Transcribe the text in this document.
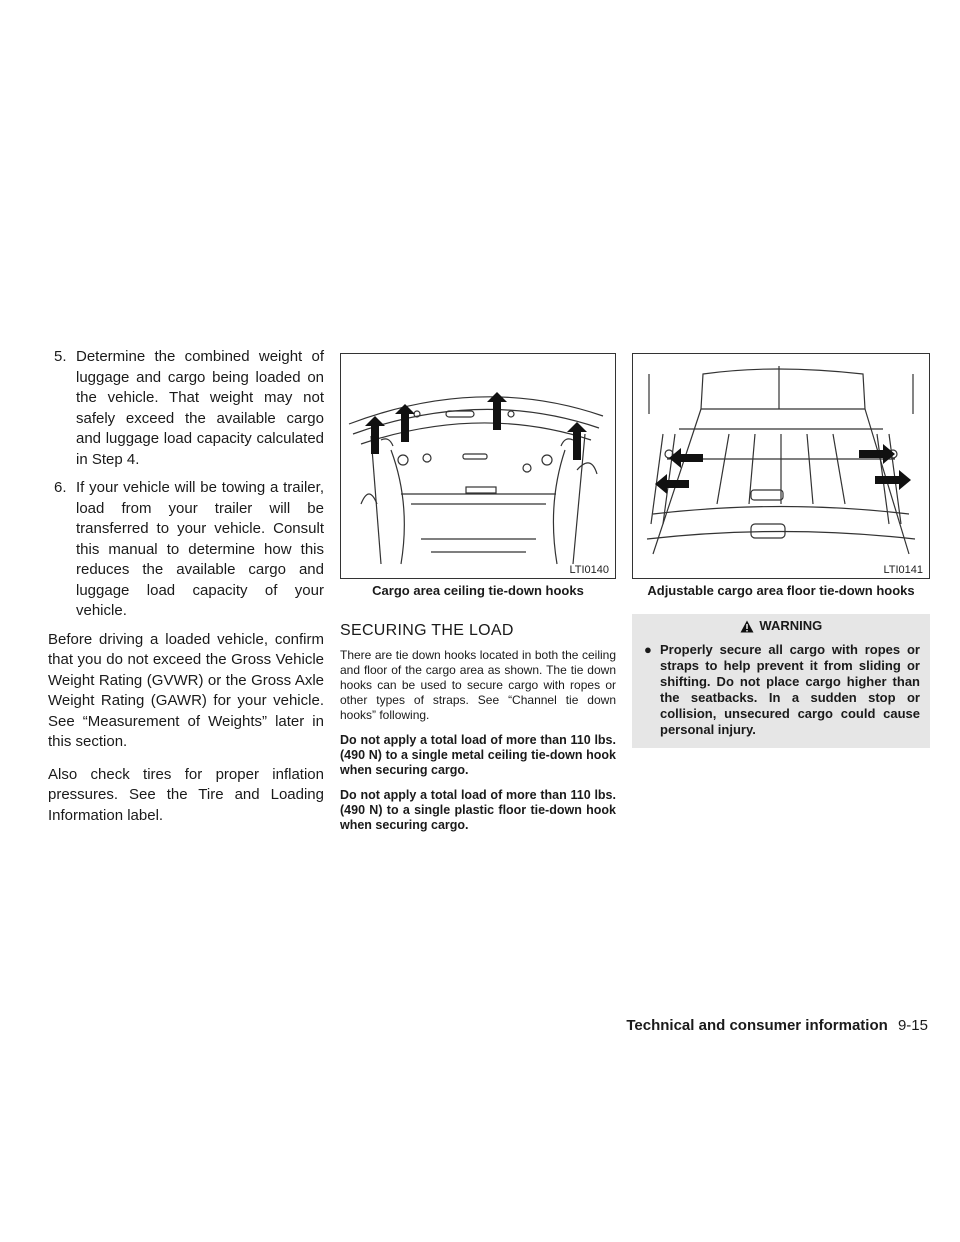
5. Determine the combined weight of luggage and cargo being loaded on the vehicle. That weight may not safely exceed the available cargo and luggage load capacity calculated in Step 4.
6. If your vehicle will be towing a trailer, load from your trailer will be transferred to your vehicle. Consult this manual to determine how this reduces the available cargo and luggage load capacity of your vehicle.

Before driving a loaded vehicle, confirm that you do not exceed the Gross Vehicle Weight Rating (GVWR) or the Gross Axle Weight Rating (GAWR) for your vehicle. See “Measurement of Weights” later in this section.

Also check tires for proper inflation pressures. See the Tire and Loading Information label.

LTI0140
Cargo area ceiling tie-down hooks
LTI0141
Adjustable cargo area floor tie-down hooks
SECURING THE LOAD

There are tie down hooks located in both the ceiling and floor of the cargo area as shown. The tie down hooks can be used to secure cargo with ropes or other types of straps. See “Channel tie down hooks” following.

Do not apply a total load of more than 110 lbs. (490 N) to a single metal ceiling tie-down hook when securing cargo.

Do not apply a total load of more than 110 lbs. (490 N) to a single plastic floor tie-down hook when securing cargo.

WARNING
● Properly secure all cargo with ropes or straps to help prevent it from sliding or shifting. Do not place cargo higher than the seatbacks. In a sudden stop or collision, unsecured cargo could cause personal injury.
Technical and consumer information 9-15
